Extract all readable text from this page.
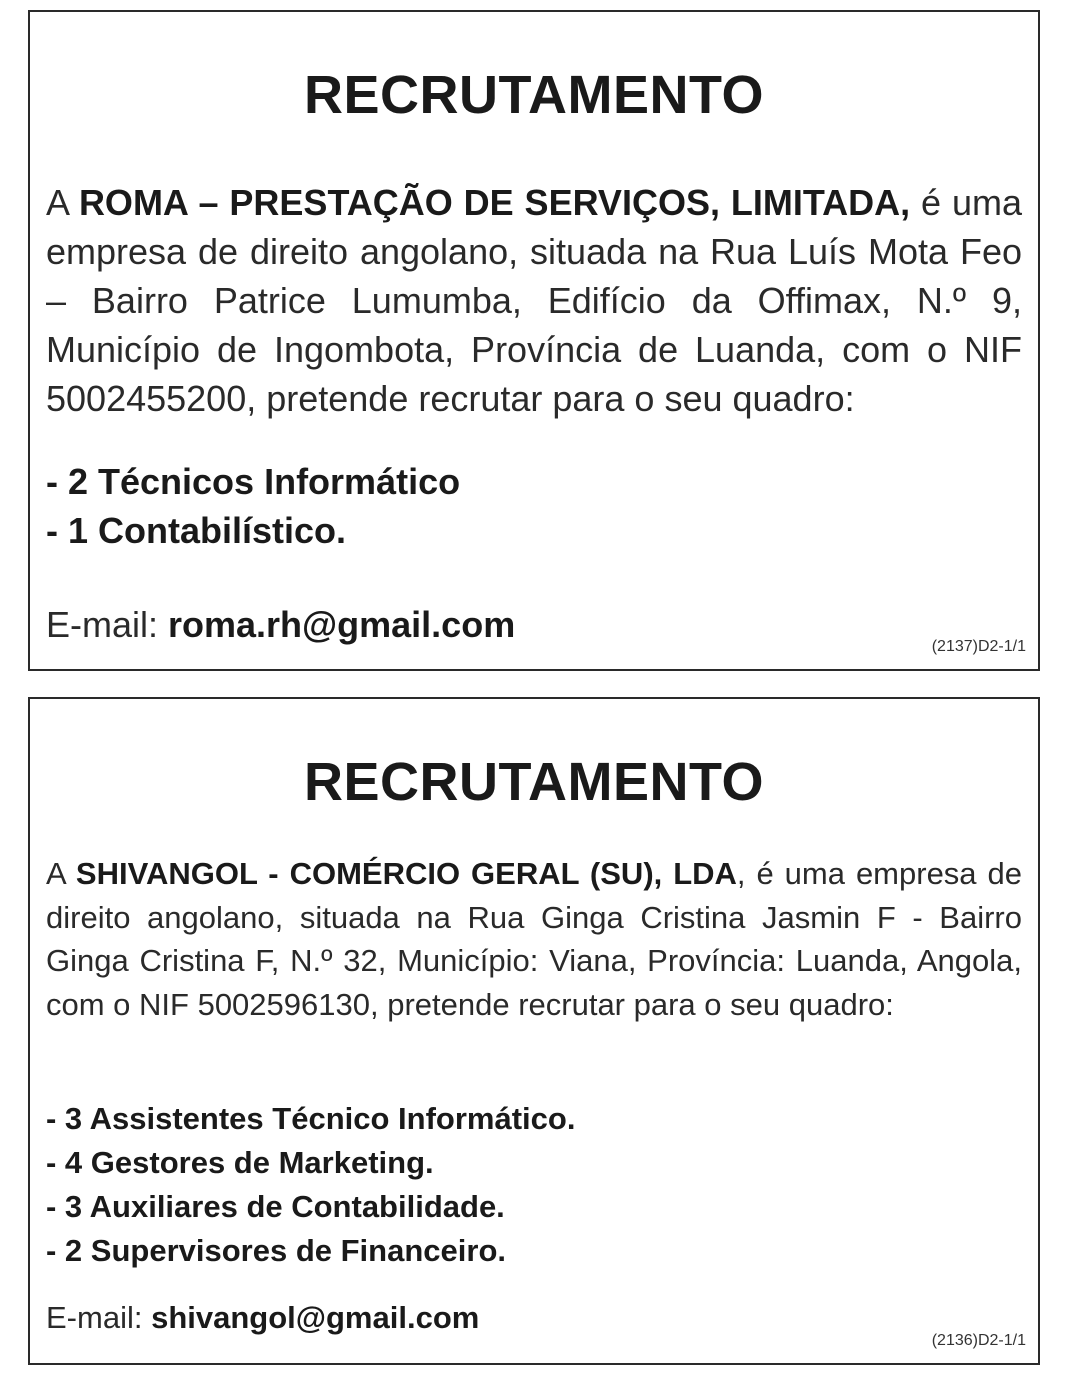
RECRUTAMENTO

A ROMA – PRESTAÇÃO DE SERVIÇOS, LIMITADA, é uma empresa de direito angolano, situada na Rua Luís Mota Feo – Bairro Patrice Lumumba, Edifício da Offimax, N.º 9, Município de Ingombota, Província de Luanda, com o NIF 5002455200, pretende recrutar para o seu quadro:

- 2 Técnicos Informático
- 1 Contabilístico.

E-mail: roma.rh@gmail.com

(2137)D2-1/1

RECRUTAMENTO

A SHIVANGOL - COMÉRCIO GERAL (SU), LDA, é uma empresa de direito angolano, situada na Rua Ginga Cristina Jasmin F - Bairro Ginga Cristina F, N.º 32, Município: Viana, Província: Luanda, Angola, com o NIF 5002596130, pretende recrutar para o seu quadro:

- 3 Assistentes Técnico Informático.
- 4 Gestores de Marketing.
- 3 Auxiliares de Contabilidade.
- 2 Supervisores de Financeiro.

E-mail: shivangol@gmail.com

(2136)D2-1/1
